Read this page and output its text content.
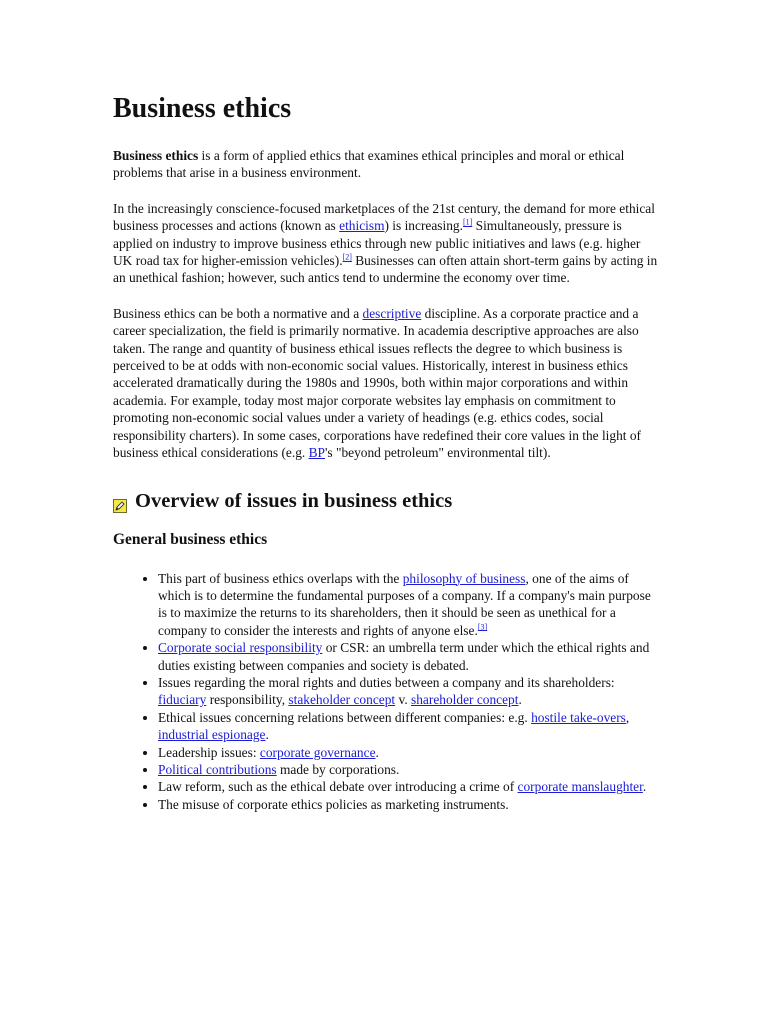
Business ethics

Business ethics is a form of applied ethics that examines ethical principles and moral or ethical problems that arise in a business environment.

In the increasingly conscience-focused marketplaces of the 21st century, the demand for more ethical business processes and actions (known as ethicism) is increasing.[1] Simultaneously, pressure is applied on industry to improve business ethics through new public initiatives and laws (e.g. higher UK road tax for higher-emission vehicles).[2] Businesses can often attain short-term gains by acting in an unethical fashion; however, such antics tend to undermine the economy over time.

Business ethics can be both a normative and a descriptive discipline. As a corporate practice and a career specialization, the field is primarily normative. In academia descriptive approaches are also taken. The range and quantity of business ethical issues reflects the degree to which business is perceived to be at odds with non-economic social values. Historically, interest in business ethics accelerated dramatically during the 1980s and 1990s, both within major corporations and within academia. For example, today most major corporate websites lay emphasis on commitment to promoting non-economic social values under a variety of headings (e.g. ethics codes, social responsibility charters). In some cases, corporations have redefined their core values in the light of business ethical considerations (e.g. BP's "beyond petroleum" environmental tilt).

Overview of issues in business ethics
General business ethics
• This part of business ethics overlaps with the philosophy of business, one of the aims of which is to determine the fundamental purposes of a company. If a company's main purpose is to maximize the returns to its shareholders, then it should be seen as unethical for a company to consider the interests and rights of anyone else.[3]
• Corporate social responsibility or CSR: an umbrella term under which the ethical rights and duties existing between companies and society is debated.
• Issues regarding the moral rights and duties between a company and its shareholders: fiduciary responsibility, stakeholder concept v. shareholder concept.
• Ethical issues concerning relations between different companies: e.g. hostile take-overs, industrial espionage.
• Leadership issues: corporate governance.
• Political contributions made by corporations.
• Law reform, such as the ethical debate over introducing a crime of corporate manslaughter.
• The misuse of corporate ethics policies as marketing instruments.
